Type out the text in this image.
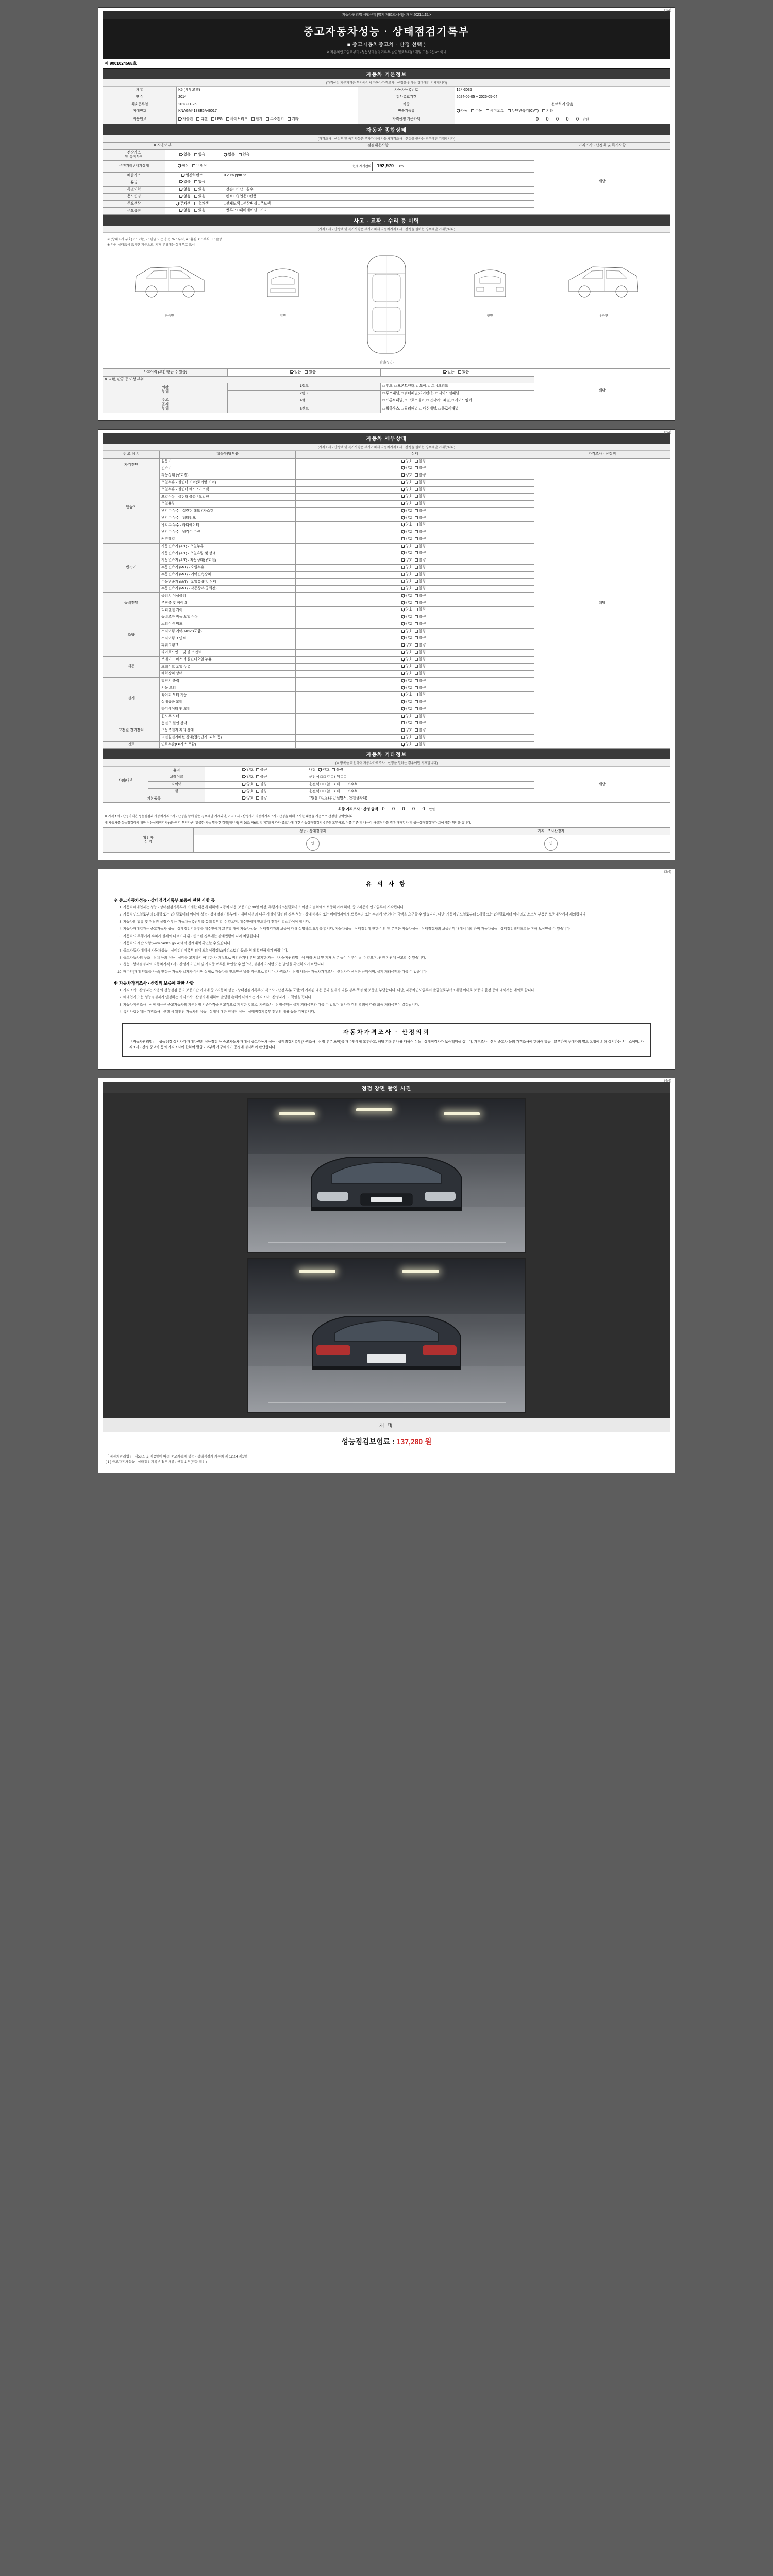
(1/4)
자동차관리법 시행규칙 [별지 제82호서식] <개정 2021.1.15.>
중고자동차성능 · 상태점검기록부
■ 중고자동차중고차 · 산정 선택 )
※ 자동차인도일로부터 (성능상태점검기록부 발급일로부터) 1개월 또는 2천km 이내
제 9001024568호
자동차 기본정보
(가격산정 기준가격은 부가가치세 자동차가격조사 · 산정을 원하는 경우에만 기재합니다)
차 명	K5 (세부모델)	자동차등록번호	15가3035
연 식	2014	검사유효기간	2024-06-05 ~ 2026-05-04
최초등록일	2013-11-25	차종	선택하지 않음
차대번호	KNAGM418BE6A46017	변속기종류	자동 수동 세미오토 무단변속기(CVT) 기타
사용연료	가솔린 디젤 LPG 하이브리드 전기 수소전기 기타	가격산정 기준가액	0 0 0 0 0 만원
자동차 종합상태
(가격조사 · 산정액 및 특기사항은 부가가치세 자동차가격조사 · 산정을 원하는 경우에만 기재합니다)
※ 사용여부		점검내용사항	가격조사 · 산정액 및 특기사항
전장가스
및 특기사항	없음 있음	없음 있음	해당
주행거리 / 계기상태	정상 비정상	현재 계기판의 192,970 km	
배출가스	일산화탄소	0.20% ppm %	
튜닝	없음 있음		
특별이력	없음 있음	□전손 □도난 □침수	
용도변경	없음 있음	□렌트 □영업용 □관용	
주요색상	무채색 유채색	□전체도색 □색상변경 □무도색	
주요옵션	없음 있음	□썬루프 □내비게이션 □기타	
사고 · 교환 · 수리 등 이력
(가격조사 · 산정액 및 특기사항은 부가가치세 자동차가격조사 · 산정을 원하는 경우에만 기재합니다)
※ (상태표시 부호) ○ : 교환, × : 판금 또는 용접, W : 부식, A : 흠집, C : 부식, T : 손상
※ 하단 상태표시 표시란 기준으로, 기재 부위에는 상태부호 표시
좌측면	앞면
윗면(평면)
뒷면	우측면
사고이력 (교환/판금 수 있음)	없음 있음	없음 있음	해당
※ 교환, 판금 등 이상 부위			
외판
부위	1랭크	□ 후드, □ 프론트펜더, □ 도어, □ 트렁크리드	
	2랭크	□ 루프패널, □ 쿼터패널(리어펜더), □ 사이드실패널	
주요
골격
부위	A랭크	□ 프론트패널, □ 크로스멤버, □ 인사이드패널, □ 사이드멤버	
	B랭크	□ 휠하우스, □ 필러패널, □ 대쉬패널, □ 플로어패널	
(2/4)
자동차 세부상태
(가격조사 · 산정액 및 특기사항은 부가가치세 자동차가격조사 · 산정을 원하는 경우에만 기재합니다)
주 요 장 치	항목/해당부품	상태	가격조사 · 산정액
자기진단	원동기	양호 불량	해당
	변속기	양호 불량	
원동기	작동상태 (공회전)	양호 불량	
	오일누유 - 실린더 커버(로커암 커버)	양호 불량	
	오일누유 - 실린더 헤드 / 가스켓	양호 불량	
	오일누유 - 실린더 블록 / 오일팬	양호 불량	
	오일유량	양호 불량	
	냉각수 누수 - 실린더 헤드 / 가스켓	양호 불량	
	냉각수 누수 - 워터펌프	양호 불량	
	냉각수 누수 - 라디에이터	양호 불량	
	냉각수 누수 - 냉각수 수량	양호 불량	
	커먼레일	양호 불량	
변속기	자동변속기 (A/T) - 오일누유	양호 불량	
	자동변속기 (A/T) - 오일유량 및 상태	양호 불량	
	자동변속기 (A/T) - 작동상태(공회전)	양호 불량	
	수동변속기 (M/T) - 오일누유	양호 불량	
	수동변속기 (M/T) - 기어변속장치	양호 불량	
	수동변속기 (M/T) - 오일유량 및 상태	양호 불량	
	수동변속기 (M/T) - 작동상태(공회전)	양호 불량	
동력전달	클러치 어셈블리	양호 불량	
	추진축 및 베어링	양호 불량	
	디퍼렌셜 기어	양호 불량	
조향	동력조향 작동 오일 누유	양호 불량	
	스티어링 펌프	양호 불량	
	스티어링 기어(MDPS포함)	양호 불량	
	스티어링 조인트	양호 불량	
	파워크랭크	양호 불량	
	타이로드엔드 및 볼 조인트	양호 불량	
제동	브레이크 마스터 실린더오일 누유	양호 불량	
	브레이크 오일 누유	양호 불량	
	배력장치 상태	양호 불량	
전기	발전기 출력	양호 불량	
	시동 모터	양호 불량	
	와이퍼 모터 기능	양호 불량	
	실내송풍 모터	양호 불량	
	라디에이터 팬 모터	양호 불량	
	윈도우 모터	양호 불량	
고전원 전기장치	충전구 절연 상태	양호 불량	
	구동축전지 격리 상태	양호 불량	
	고전원전기배선 상태(접속단자, 피복 등)	양호 불량	
연료	연료누출(LP가스 포함)	양호 불량	
자동차 기타정보
(※ 항목을 확인하여 자동차가격조사 · 산정을 원하는 경우에만 기재합니다)
사외/내부	유리	양호 불량	내장 양호 불량	해당
	브레이크	양호 불량	운전석 □ □ 앞 □ / 뒤 □ □	
	타이어	양호 불량	운전석 □ □ 앞 □ / 뒤 □ □ 조수석 □ □	
	휠	양호 불량	운전석 □ □ 앞 □ / 뒤 □ □ 조수석 □ □	
기본품목		양호 불량	□없음 □있음(취급설명서, 안전삼각대)	
최종 가격조사 · 산정 금액 0 0 0 0 0 만원
※ 가격조사 · 산정가격은 성능점검과 자동차가격조사 · 산정을 함께 받는 경우에만 기재되며, 가격조사 · 산정자가 자동차가격조사 · 산정을 위해 조사한 내용을 기준으로 산정한 금액입니다.
내 자동차를 성능점검하기 위한 성능상태점검자(성능점검 책임자)의 발급한 기능 발급한 검정(계약서) 비 20조 제6호 및 제7조의 따라 중고차에 대한 성능상태점검기록부를 교부하고, 이를 기준 및 내용이 사실과 다를 경우 매매업자 및 성능상태점검자가 그에 대한 책임을 집니다.
확인자
성 명	성능 · 상태점검자	가격 · 조사산정자
	인	인
(3/4)
유 의 사 항
※ 중고자동차성능 · 상태점검기록부 보증에 관한 사항 등
1. 자동차매매업자는 성능 · 상태점검기록부에 기재한 내용에 대하여 자동차 내용 보증기간 30일 이상, 주행거리 2천킬로미터 이상의 범위에서 보증하여야 하며, 중고자동차 인도일부터 시작됩니다.
2. 자동차인도일로부터 1개월 또는 2천킬로미터 이내에 성능 · 상태점검기록부에 기재된 내용과 다른 사실이 발견된 경우 성능 · 상태점검자 또는 매매업자에게 보증수리 또는 수리에 상당하는 금액을 요구할 수 있습니다. 다만, 자동차인도일로부터 1개월 또는 2천킬로미터 이내라도 소모성 부품은 보증대상에서 제외됩니다.
3. 자동차의 압류 및 저당권 설정 여부는 자동차등록원부를 통해 확인할 수 있으며, 매수인에게 인도하기 전까지 말소하여야 합니다.
4. 자동차매매업자는 중고자동차 성능 · 상태점검기록부를 매수인에게 교부할 때에 자동차성능 · 상태점검자의 보증에 대해 설명하고 교부를 합니다. 자동차성능 · 상태점검에 관한 이의 및 분쟁은 자동차성능 · 상태점검자의 보증범위 내에서 처리하며 자동차성능 · 상태점검책임보험을 통해 보상받을 수 있습니다.
5. 자동차의 주행거리 수치가 실제와 다르거나 위 · 변조된 경우에는 관계법령에 따라 처벌됩니다.
6. 자동차의 제반 사항(www.car365.go.kr)에서 상세내역 확인할 수 있습니다.
7. 중고자동차 매매시 자동차성능 · 상태점검기록부 외에 보험이력정보(카히스토리 등)를 함께 확인하시기 바랍니다.
8. 중고자동차의 구조 · 장치 등의 성능 · 상태를 고지하지 아니한 자 거짓으로 점검하거나 부당 고지한 자는 「자동차관리법」에 따라 처벌 및 제재 처분 등이 이루어 질 수 있으며, 관련 기관에 신고할 수 있습니다.
9. 성능 · 상태점검자의 자동차가격조사 · 산정자의 면허 및 자격증 여부를 확인할 수 있으며, 점검자의 서명 또는 날인을 확인하시기 바랍니다.
10. 매수인(매매 인도를 사실) 인정은 자동차 일자가 아니며 실제로 자동차를 인도받은 날을 기준으로 합니다. 가격조사 · 산정 내용은 자동차가격조사 · 산정자가 산정한 금액이며, 실제 거래금액과 다를 수 있습니다.
※ 자동차가격조사 · 산정의 보증에 관한 사항
1. 가격조사 · 산정자는 사용의 성능점검 등의 보증기간 이내에 중고자동차 성능 · 상태점검기록부(가격조사 · 산정 부분 포함)에 기재된 내용 등과 실제가 다른 경우 책임 및 보증을 부담합니다. 다만, 자동차인도일부터 발급일로부터 1개월 이내로 보증의 한정 등에 대해서는 예외로 합니다.
2. 매매업자 또는 성능점검자가 인정하는 가격조사 · 산정자에 대하여 발생한 손해에 대해서는 가격조사 · 산정자가 그 책임을 집니다.
3. 자동차가격조사 · 산정 내용은 중고자동차의 가격산정 기준가격을 참고적으로 제시한 것으로, 가격조사 · 산정금액은 실제 거래금액과 다를 수 있으며 당사자 간의 합의에 따라 최종 거래금액이 결정됩니다.
4. 특기사항란에는 가격조사 · 산정 시 확인된 자동차의 성능 · 상태에 대한 전체적 성능 · 상태점검기록부 전반의 내용 등을 기재합니다.
자동차가격조사 · 산정의뢰
「자동차관리법」 · 성능점검 실시자가 매매차량의 성능점검 등 중고자동차 매매시 중고자동차 성능 · 상태점검기록부(가격조사 · 산정 부분 포함)를 매수인에게 교부하고, 해당 기록부 내용 대하여 성능 · 상태점검자가 보증책임을 집니다. 가격조사 · 산정 중고차 등의 가격조사에 한하여 발급 · 교부하며 구매자의 별도 요청에 의해 실시하는 서비스이며, 가격조사 · 산정 중고차 등의 가격조사에 한하여 발급 · 교부하며 구매자가 공정에 검사하여 판단합니다.
(4/4)
점검 장면 촬영 사진
서 명
성능점검보험료 : 137,280 원
「 자동차관리법」, 제58조 및 제 2항에 따라 중고자동차 성능 · 상태점검자 자동차 제 12조4 제1항
[ 1 ] 중고자동차성능 · 상태점검기록부 첨부서류 : 산정 1 부(전문 확인)
